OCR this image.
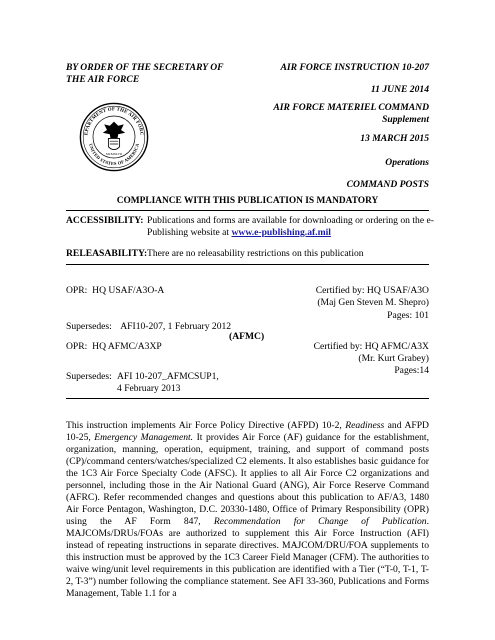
BY ORDER OF THE SECRETARY OF THE AIR FORCE
EPARTMENT OF THE AIR FORC
UNITED STATES OF AMERICA
MCMXLVII
AIR FORCE INSTRUCTION 10-207
11 JUNE 2014
AIR FORCE MATERIEL COMMAND
Supplement
13 MARCH 2015
Operations
COMMAND POSTS
COMPLIANCE WITH THIS PUBLICATION IS MANDATORY
ACCESSIBILITY: Publications and forms are available for downloading or ordering on the e-
Publishing website at www.e-publishing.af.mil
RELEASABILITY: There are no releasability restrictions on this publication
OPR: HQ USAF/A3O-A	Certified by: HQ USAF/A3O
(Maj Gen Steven M. Shepro)
Pages: 101
Supersedes: AFI10-207, 1 February 2012
(AFMC)
OPR: HQ AFMC/A3XP	Certified by: HQ AFMC/A3X
(Mr. Kurt Grabey)
Pages:14
Supersedes: AFI 10-207_AFMCSUP1,
4 February 2013
This instruction implements Air Force Policy Directive (AFPD) 10-2, Readiness and AFPD 10-25, Emergency Management. It provides Air Force (AF) guidance for the establishment, organization, manning, operation, equipment, training, and support of command posts (CP)/command centers/watches/specialized C2 elements. It also establishes basic guidance for the 1C3 Air Force Specialty Code (AFSC). It applies to all Air Force C2 organizations and personnel, including those in the Air National Guard (ANG), Air Force Reserve Command (AFRC). Refer recommended changes and questions about this publication to AF/A3, 1480 Air Force Pentagon, Washington, D.C. 20330-1480, Office of Primary Responsibility (OPR) using the AF Form 847, Recommendation for Change of Publication. MAJCOMs/DRUs/FOAs are authorized to supplement this Air Force Instruction (AFI) instead of repeating instructions in separate directives. MAJCOM/DRU/FOA supplements to this instruction must be approved by the 1C3 Career Field Manager (CFM). The authorities to waive wing/unit level requirements in this publication are identified with a Tier (“T-0, T-1, T-2, T-3”) number following the compliance statement. See AFI 33-360, Publications and Forms Management, Table 1.1 for a
